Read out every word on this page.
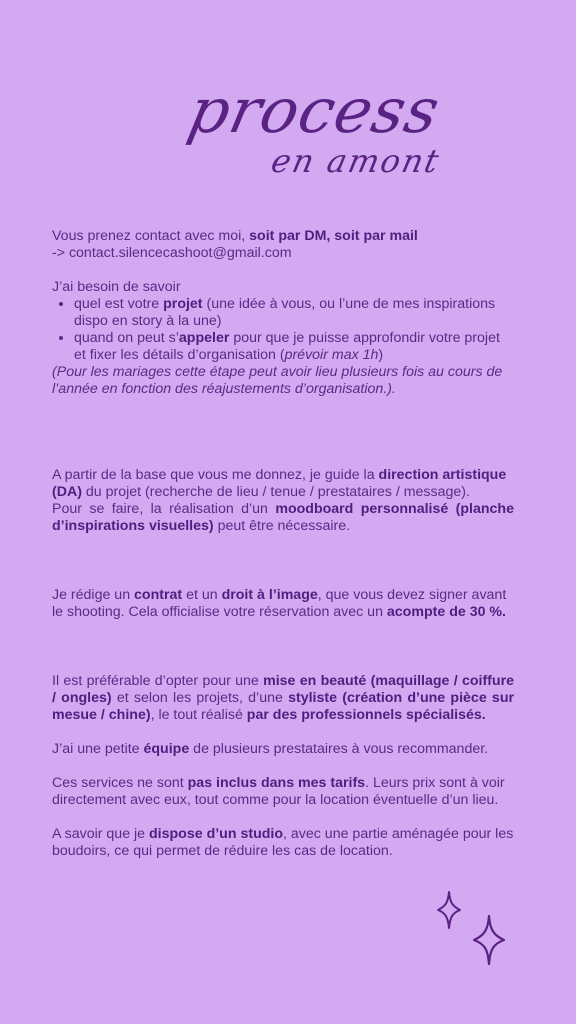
process
en amont

Vous prenez contact avec moi, soit par DM, soit par mail

-> contact.silencecashoot@gmail.com

J’ai besoin de savoir

• quel est votre projet (une idée à vous, ou l’une de mes inspirations dispo en story à la une)
• quand on peut s’appeler pour que je puisse approfondir votre projet et fixer les détails d’organisation (prévoir max 1h)

(Pour les mariages cette étape peut avoir lieu plusieurs fois au cours de l’année en fonction des réajustements d’organisation.).

A partir de la base que vous me donnez, je guide la direction artistique (DA) du projet (recherche de lieu / tenue / prestataires / message).

Pour se faire, la réalisation d’un moodboard personnalisé (planche d’inspirations visuelles) peut être nécessaire.

Je rédige un contrat et un droit à l’image, que vous devez signer avant le shooting. Cela officialise votre réservation avec un acompte de 30 %.

Il est préférable d’opter pour une mise en beauté (maquillage / coiffure / ongles) et selon les projets, d’une styliste (création d’une pièce sur mesue / chine), le tout réalisé par des professionnels spécialisés.

J’ai une petite équipe de plusieurs prestataires à vous recommander.

Ces services ne sont pas inclus dans mes tarifs. Leurs prix sont à voir directement avec eux, tout comme pour la location éventuelle d’un lieu.

A savoir que je dispose d’un studio, avec une partie aménagée pour les boudoirs, ce qui permet de réduire les cas de location.
